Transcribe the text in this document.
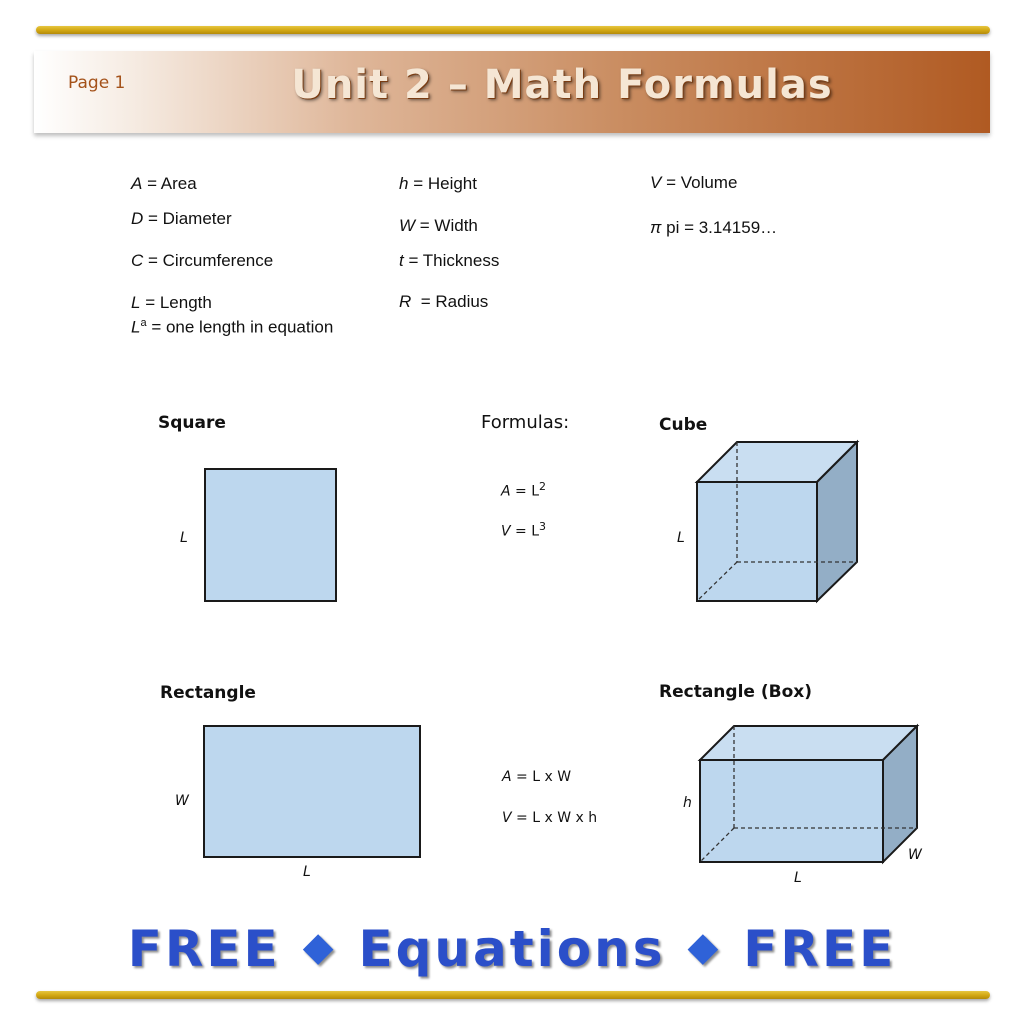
Page 1	Unit 2 – Math Formulas
A = Area
D = Diameter
C = Circumference
L = Length
$L^a$ = one length in equation
h = Height
W = Width
t = Thickness
R  = Radius
V = Volume
π pi = 3.14159…
Square
L
Formulas:
$A = L^2$
$V = L^3$
Cube
L
Rectangle
W
L
A = L x W
V = L x W x h
Rectangle (Box)
h
W
L
FREE ◆ Equations ◆ FREE
